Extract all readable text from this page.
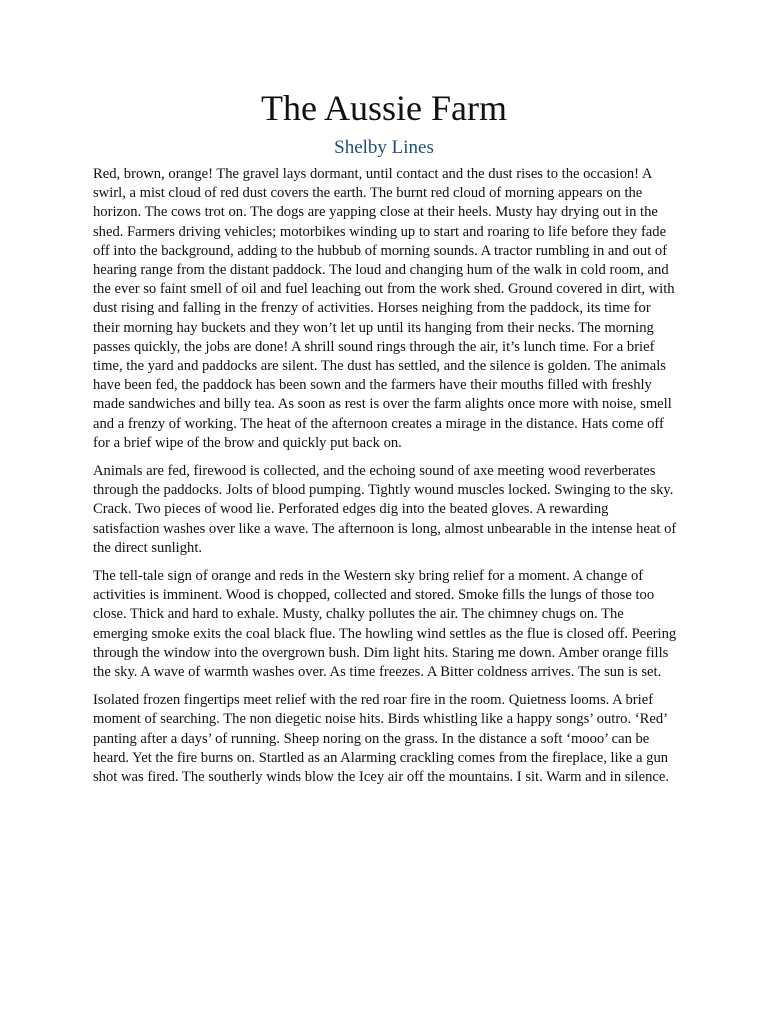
The Aussie Farm
Shelby Lines

Red, brown, orange! The gravel lays dormant, until contact and the dust rises to the occasion! A swirl, a mist cloud of red dust covers the earth. The burnt red cloud of morning appears on the horizon. The cows trot on. The dogs are yapping close at their heels. Musty hay drying out in the shed. Farmers driving vehicles; motorbikes winding up to start and roaring to life before they fade off into the background, adding to the hubbub of morning sounds. A tractor rumbling in and out of hearing range from the distant paddock. The loud and changing hum of the walk in cold room, and the ever so faint smell of oil and fuel leaching out from the work shed. Ground covered in dirt, with dust rising and falling in the frenzy of activities. Horses neighing from the paddock, its time for their morning hay buckets and they won’t let up until its hanging from their necks. The morning passes quickly, the jobs are done! A shrill sound rings through the air, it’s lunch time. For a brief time, the yard and paddocks are silent. The dust has settled, and the silence is golden. The animals have been fed, the paddock has been sown and the farmers have their mouths filled with freshly made sandwiches and billy tea. As soon as rest is over the farm alights once more with noise, smell and a frenzy of working. The heat of the afternoon creates a mirage in the distance. Hats come off for a brief wipe of the brow and quickly put back on.

Animals are fed, firewood is collected, and the echoing sound of axe meeting wood reverberates through the paddocks. Jolts of blood pumping. Tightly wound muscles locked. Swinging to the sky. Crack. Two pieces of wood lie. Perforated edges dig into the beated gloves. A rewarding satisfaction washes over like a wave. The afternoon is long, almost unbearable in the intense heat of the direct sunlight.

The tell-tale sign of orange and reds in the Western sky bring relief for a moment. A change of activities is imminent. Wood is chopped, collected and stored. Smoke fills the lungs of those too close. Thick and hard to exhale. Musty, chalky pollutes the air. The chimney chugs on. The emerging smoke exits the coal black flue. The howling wind settles as the flue is closed off. Peering through the window into the overgrown bush. Dim light hits. Staring me down. Amber orange fills the sky. A wave of warmth washes over. As time freezes. A Bitter coldness arrives. The sun is set.

Isolated frozen fingertips meet relief with the red roar fire in the room. Quietness looms. A brief moment of searching. The non diegetic noise hits. Birds whistling like a happy songs’ outro. ‘Red’ panting after a days’ of running. Sheep noring on the grass. In the distance a soft ‘mooo’ can be heard. Yet the fire burns on. Startled as an Alarming crackling comes from the fireplace, like a gun shot was fired. The southerly winds blow the Icey air off the mountains. I sit. Warm and in silence.
